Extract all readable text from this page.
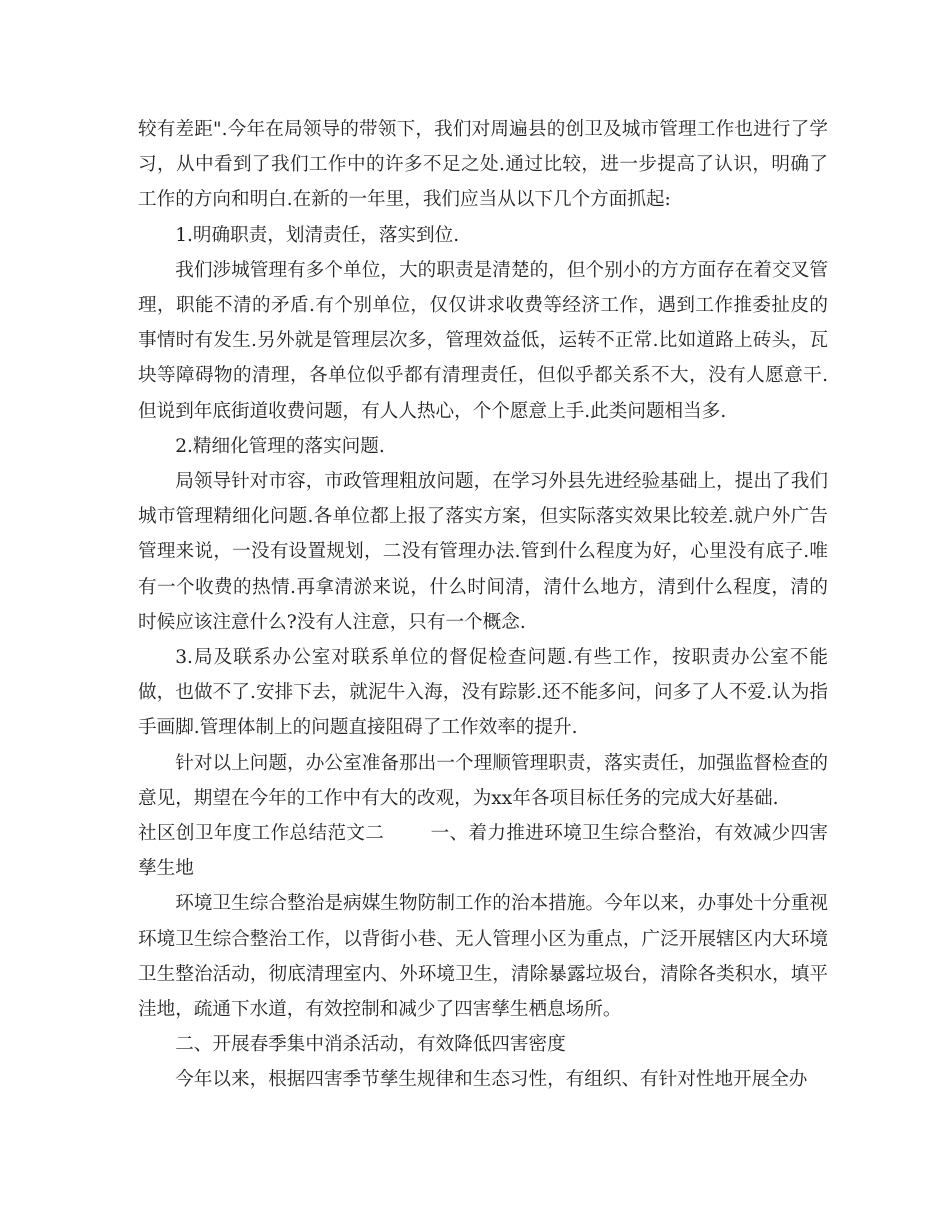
较有差距".今年在局领导的带领下，我们对周遍县的创卫及城市管理工作也进行了学习，从中看到了我们工作中的许多不足之处.通过比较，进一步提高了认识，明确了工作的方向和明白.在新的一年里，我们应当从以下几个方面抓起:

1.明确职责，划清责任，落实到位.

我们涉城管理有多个单位，大的职责是清楚的，但个别小的方方面存在着交叉管理，职能不清的矛盾.有个别单位，仅仅讲求收费等经济工作，遇到工作推委扯皮的事情时有发生.另外就是管理层次多，管理效益低，运转不正常.比如道路上砖头，瓦块等障碍物的清理，各单位似乎都有清理责任，但似乎都关系不大，没有人愿意干.但说到年底街道收费问题，有人人热心，个个愿意上手.此类问题相当多.

2.精细化管理的落实问题.

局领导针对市容，市政管理粗放问题，在学习外县先进经验基础上，提出了我们城市管理精细化问题.各单位都上报了落实方案，但实际落实效果比较差.就户外广告管理来说，一没有设置规划，二没有管理办法.管到什么程度为好，心里没有底子.唯有一个收费的热情.再拿清淤来说，什么时间清，清什么地方，清到什么程度，清的时候应该注意什么?没有人注意，只有一个概念.

3.局及联系办公室对联系单位的督促检查问题.有些工作，按职责办公室不能做，也做不了.安排下去，就泥牛入海，没有踪影.还不能多问，问多了人不爱.认为指手画脚.管理体制上的问题直接阻碍了工作效率的提升.

针对以上问题，办公室准备那出一个理顺管理职责，落实责任，加强监督检查的意见，期望在今年的工作中有大的改观，为xx年各项目标任务的完成大好基础.

社区创卫年度工作总结范文二 一、着力推进环境卫生综合整治，有效减少四害孳生地

环境卫生综合整治是病媒生物防制工作的治本措施。今年以来，办事处十分重视环境卫生综合整治工作，以背街小巷、无人管理小区为重点，广泛开展辖区内大环境卫生整治活动，彻底清理室内、外环境卫生，清除暴露垃圾台，清除各类积水，填平洼地，疏通下水道，有效控制和减少了四害孳生栖息场所。

二、开展春季集中消杀活动，有效降低四害密度

今年以来，根据四害季节孳生规律和生态习性，有组织、有针对性地开展全办
